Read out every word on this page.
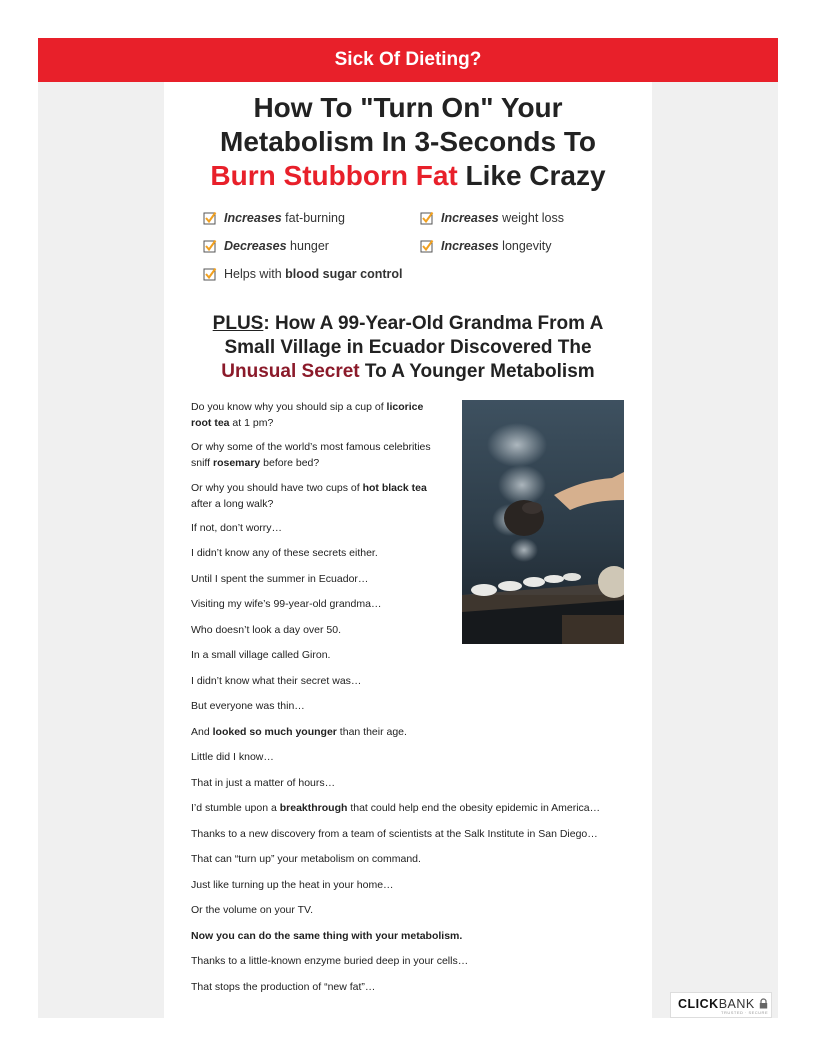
Sick Of Dieting?
How To "Turn On" Your
Metabolism In 3-Seconds To
Burn Stubborn Fat Like Crazy
Increases fat-burning	Increases weight loss
Decreases hunger	Increases longevity
Helps with blood sugar control
PLUS: How A 99-Year-Old Grandma From A
Small Village in Ecuador Discovered The
Unusual Secret To A Younger Metabolism
Do you know why you should sip a cup of licorice
root tea at 1 pm?
Or why some of the world’s most famous celebrities
sniff rosemary before bed?
Or why you should have two cups of hot black tea
after a long walk?
If not, don’t worry…
I didn’t know any of these secrets either.
Until I spent the summer in Ecuador…
Visiting my wife’s 99-year-old grandma…
Who doesn’t look a day over 50.
In a small village called Giron.
I didn’t know what their secret was…
But everyone was thin…
And looked so much younger than their age.
Little did I know…
That in just a matter of hours…
I’d stumble upon a breakthrough that could help end the obesity epidemic in America…
Thanks to a new discovery from a team of scientists at the Salk Institute in San Diego…
That can “turn up” your metabolism on command.
Just like turning up the heat in your home…
Or the volume on your TV.
Now you can do the same thing with your metabolism.
Thanks to a little-known enzyme buried deep in your cells…
That stops the production of “new fat”…
CLICKBANK
TRUSTED · SECURE
